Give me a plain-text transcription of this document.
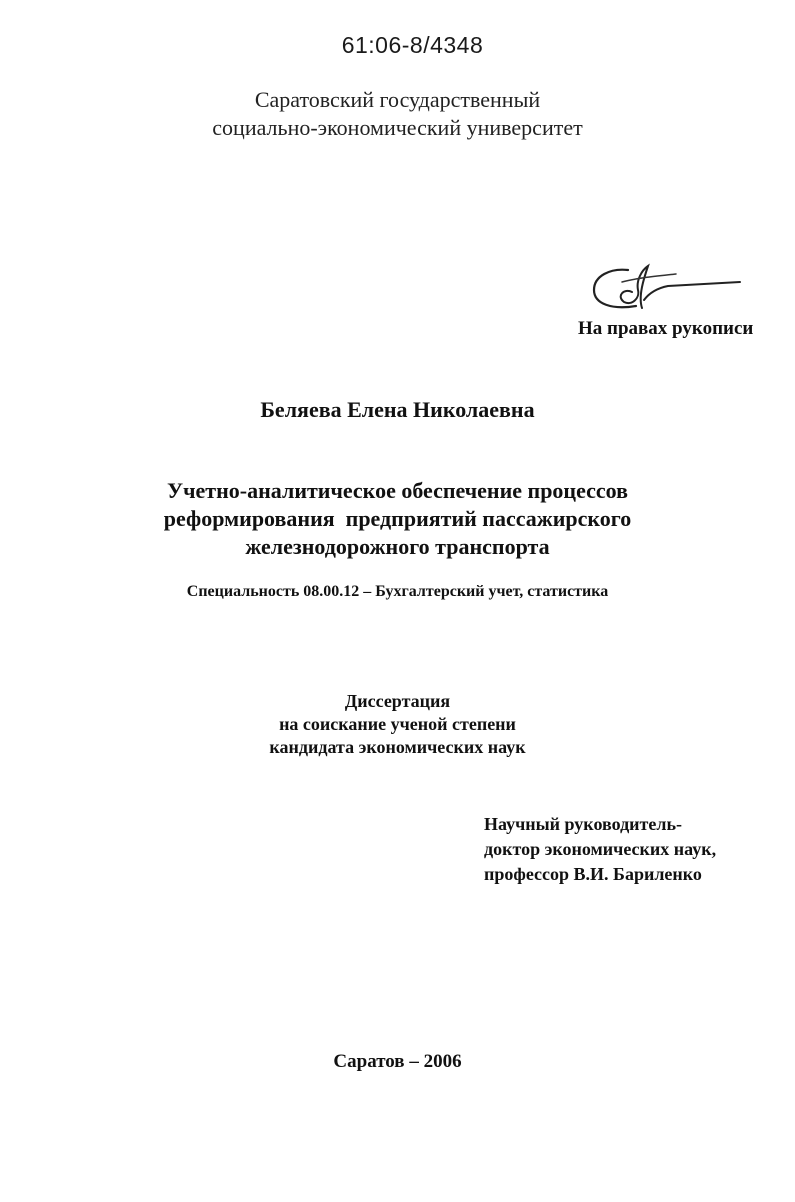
61:06-8/4348
Саратовский государственный
социально-экономический университет
На правах рукописи
Беляева Елена Николаевна
Учетно-аналитическое обеспечение процессов
реформирования  предприятий пассажирского
железнодорожного транспорта
Специальность 08.00.12 – Бухгалтерский учет, статистика
Диссертация
на соискание ученой степени
кандидата экономических наук
Научный руководитель-
доктор экономических наук,
профессор В.И. Бариленко
Саратов – 2006
